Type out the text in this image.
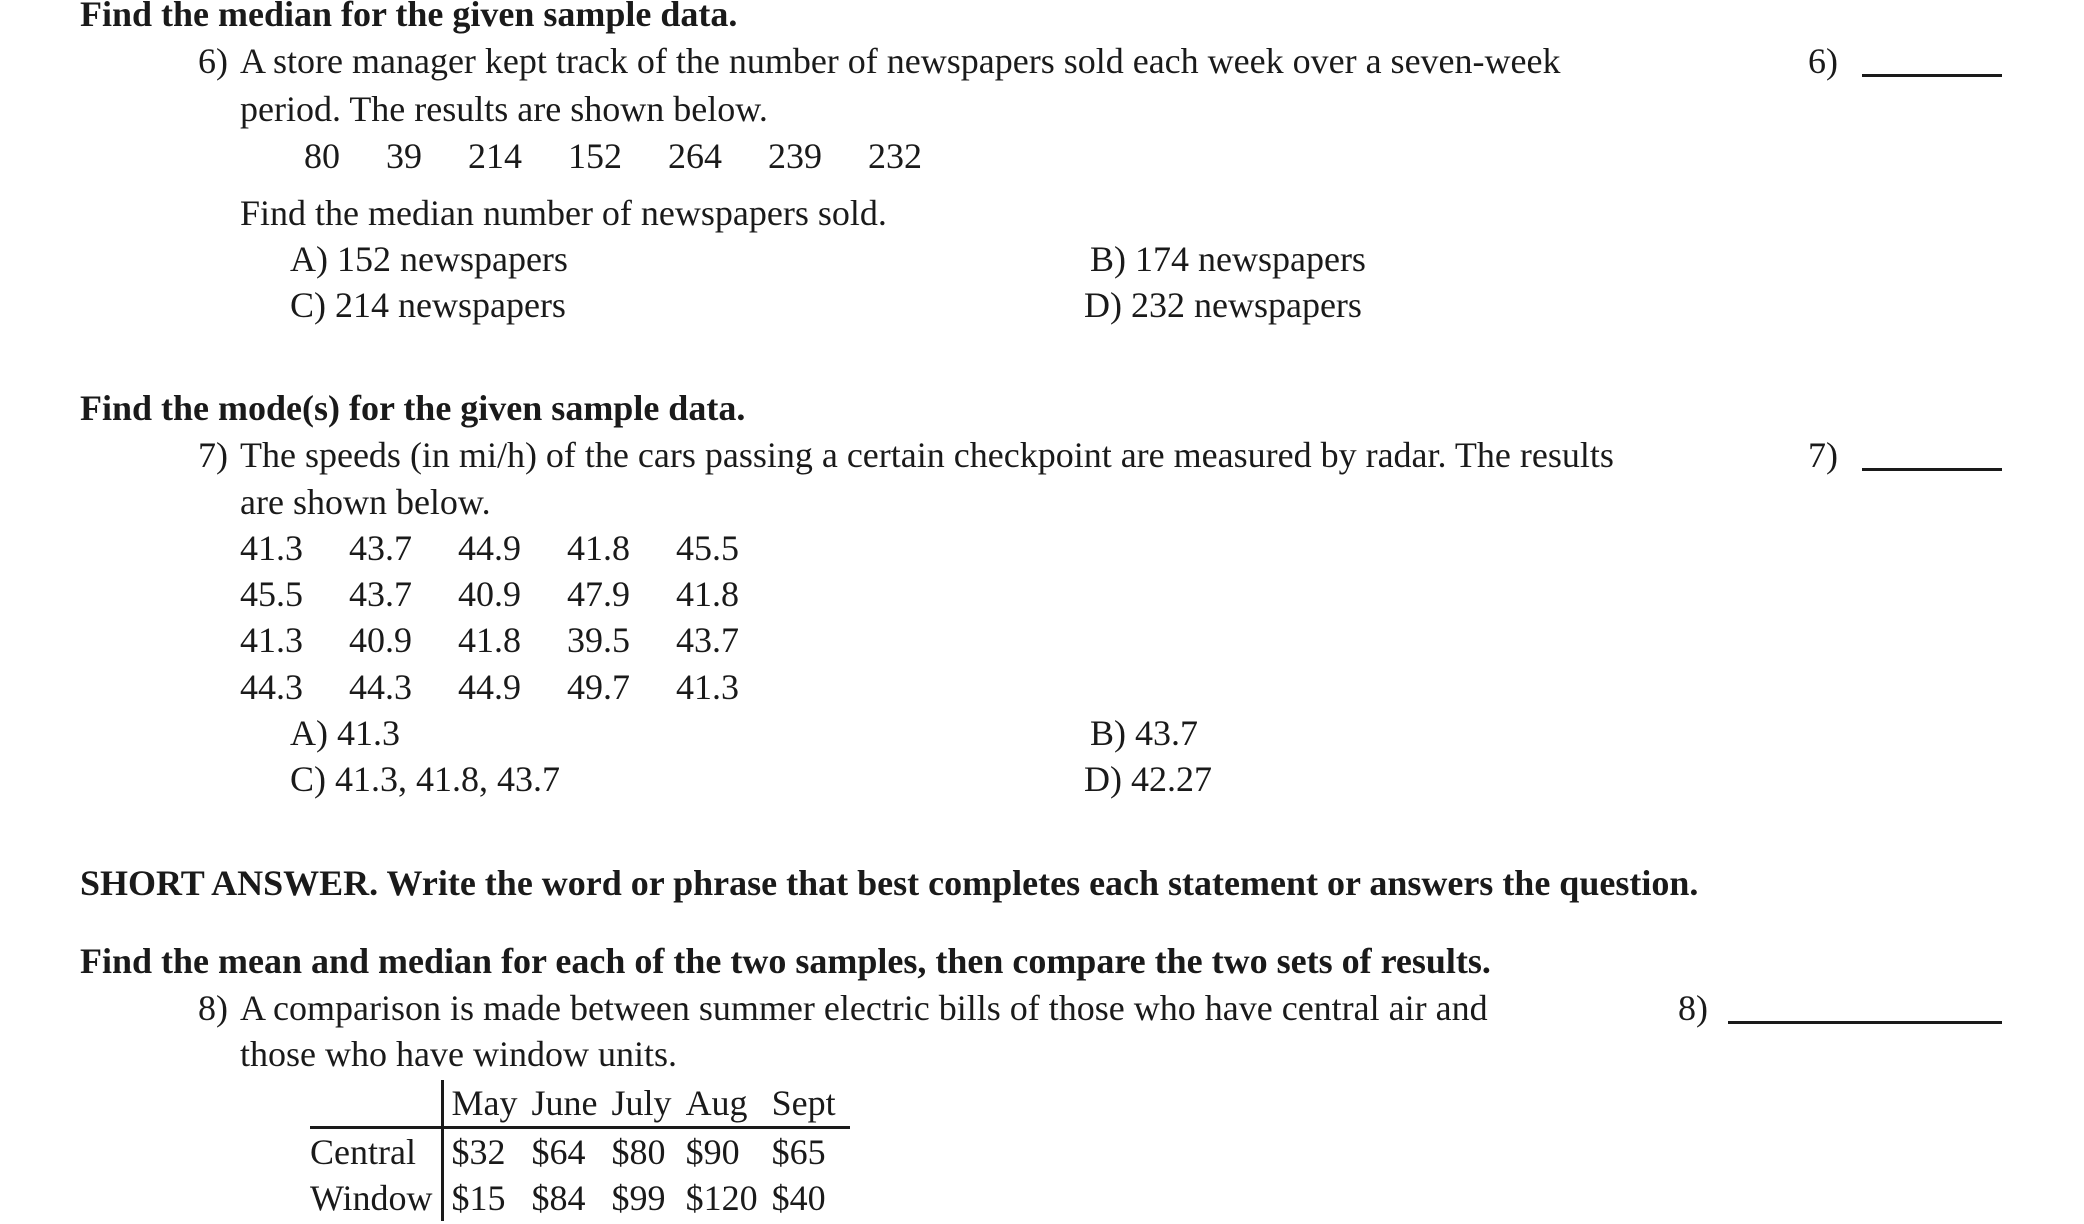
Find the median for the given sample data.
6) A store manager kept track of the number of newspapers sold each week over a seven-week
period. The results are shown below.
80  39  214  152  264  239  232
Find the median number of newspapers sold.
A) 152 newspapers	B) 174 newspapers
C) 214 newspapers	D) 232 newspapers
6)
Find the mode(s) for the given sample data.
7) The speeds (in mi/h) of the cars passing a certain checkpoint are measured by radar. The results
are shown below.
41.3  43.7  44.9  41.8  45.5
45.5  43.7  40.9  47.9  41.8
41.3  40.9  41.8  39.5  43.7
44.3  44.3  44.9  49.7  41.3
A) 41.3	B) 43.7
C) 41.3, 41.8, 43.7	D) 42.27
7)
SHORT ANSWER. Write the word or phrase that best completes each statement or answers the question.
Find the mean and median for each of the two samples, then compare the two sets of results.
8) A comparison is made between summer electric bills of those who have central air and
those who have window units.
8)
	May	June	July	Aug	Sept
Central	$32	$64	$80	$90	$65
Window	$15	$84	$99	$120	$40
